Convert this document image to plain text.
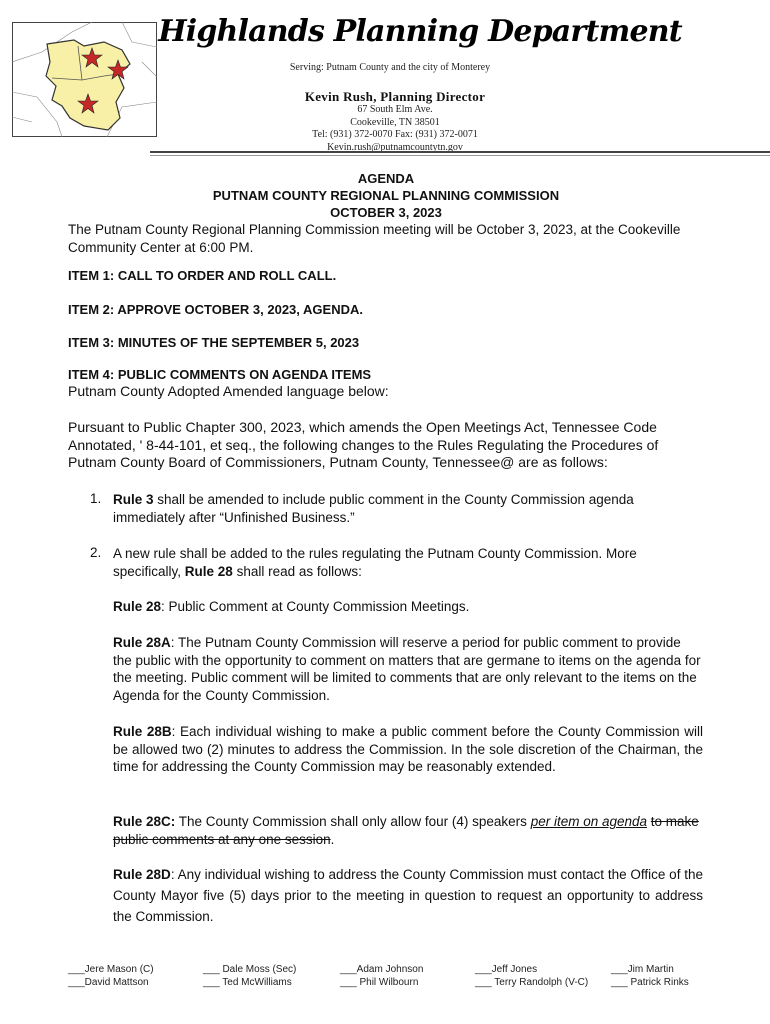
Highlands Planning Department
Serving: Putnam County and the city of Monterey
Kevin Rush, Planning Director
67 South Elm Ave.
Cookeville, TN 38501
Tel: (931) 372-0070 Fax: (931) 372-0071
Kevin.rush@putnamcountytn.gov
AGENDA
PUTNAM COUNTY REGIONAL PLANNING COMMISSION
OCTOBER 3, 2023

The Putnam County Regional Planning Commission meeting will be October 3, 2023, at the Cookeville Community Center at 6:00 PM.

ITEM 1: CALL TO ORDER AND ROLL CALL.
ITEM 2: APPROVE OCTOBER 3, 2023, AGENDA.
ITEM 3: MINUTES OF THE SEPTEMBER 5, 2023
ITEM 4: PUBLIC COMMENTS ON AGENDA ITEMS

Putnam County Adopted Amended language below:

Pursuant to Public Chapter 300, 2023, which amends the Open Meetings Act, Tennessee Code Annotated, ' 8-44-101, et seq., the following changes to the Rules Regulating the Procedures of Putnam County Board of Commissioners, Putnam County, Tennessee@ are as follows:

1. Rule 3 shall be amended to include public comment in the County Commission agenda immediately after “Unfinished Business.”

2. A new rule shall be added to the rules regulating the Putnam County Commission. More specifically, Rule 28 shall read as follows:

Rule 28: Public Comment at County Commission Meetings.

Rule 28A: The Putnam County Commission will reserve a period for public comment to provide the public with the opportunity to comment on matters that are germane to items on the agenda for the meeting. Public comment will be limited to comments that are only relevant to the items on the Agenda for the County Commission.

Rule 28B: Each individual wishing to make a public comment before the County Commission will be allowed two (2) minutes to address the Commission. In the sole discretion of the Chairman, the time for addressing the County Commission may be reasonably extended.

Rule 28C: The County Commission shall only allow four (4) speakers per item on agenda to make public comments at any one session.

Rule 28D: Any individual wishing to address the County Commission must contact the Office of the County Mayor five (5) days prior to the meeting in question to request an opportunity to address the Commission.

___Jere Mason (C)
___David Mattson
___ Dale Moss (Sec)
___ Ted McWilliams
___Adam Johnson
___ Phil Wilbourn
___Jeff Jones
___ Terry Randolph (V-C)
___Jim Martin
___ Patrick Rinks
